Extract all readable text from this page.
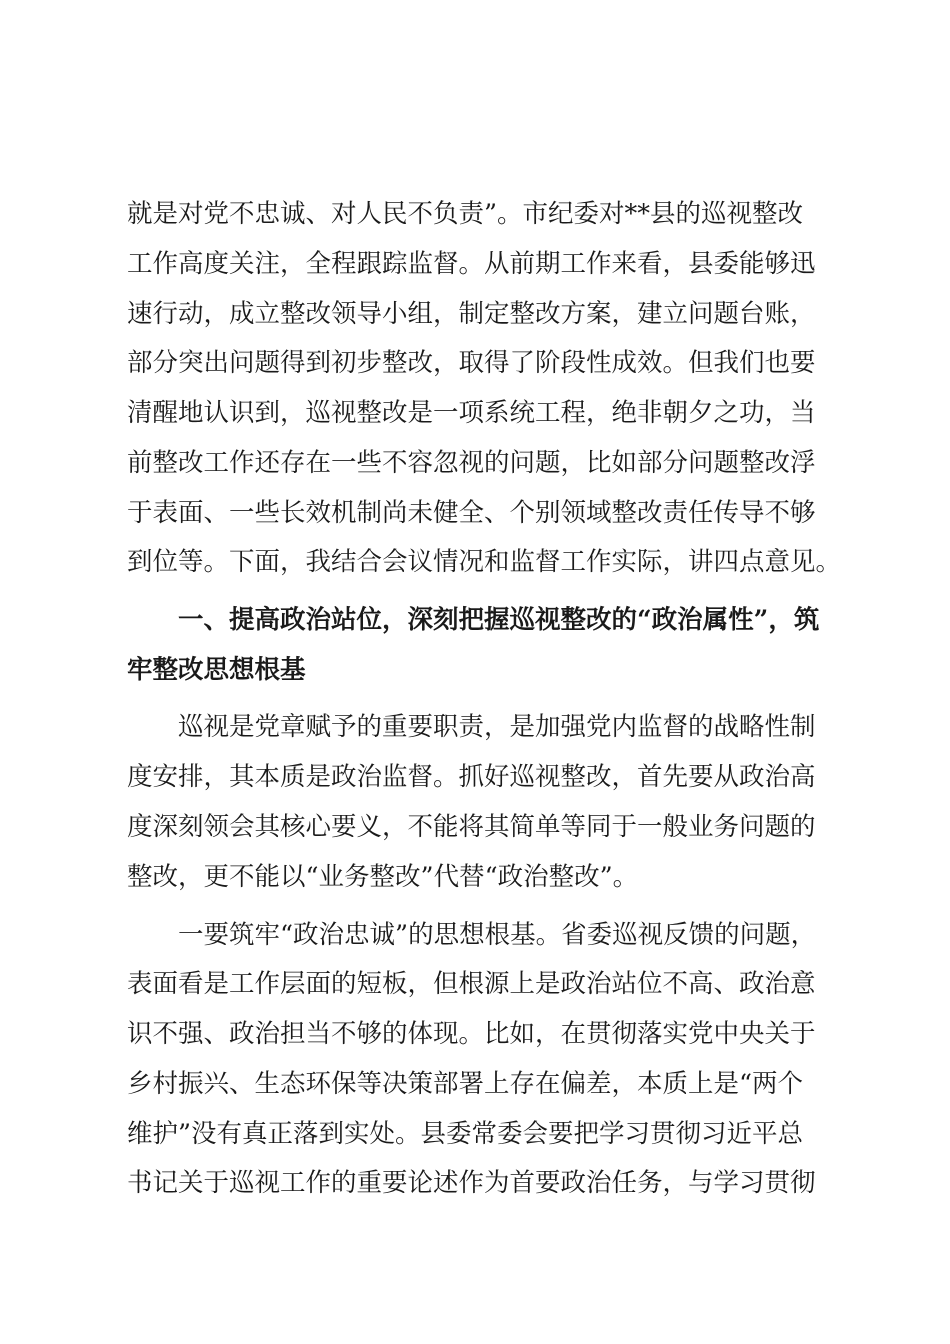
就是对党不忠诚、对人民不负责”。市纪委对**县的巡视整改

工作高度关注，全程跟踪监督。从前期工作来看，县委能够迅

速行动，成立整改领导小组，制定整改方案，建立问题台账，

部分突出问题得到初步整改，取得了阶段性成效。但我们也要

清醒地认识到，巡视整改是一项系统工程，绝非朝夕之功，当

前整改工作还存在一些不容忽视的问题，比如部分问题整改浮

于表面、一些长效机制尚未健全、个别领域整改责任传导不够

到位等。下面，我结合会议情况和监督工作实际，讲四点意见。

一、提高政治站位，深刻把握巡视整改的“政治属性”，筑

牢整改思想根基

巡视是党章赋予的重要职责，是加强党内监督的战略性制

度安排，其本质是政治监督。抓好巡视整改，首先要从政治高

度深刻领会其核心要义，不能将其简单等同于一般业务问题的

整改，更不能以“业务整改”代替“政治整改”。

一要筑牢“政治忠诚”的思想根基。省委巡视反馈的问题，

表面看是工作层面的短板，但根源上是政治站位不高、政治意

识不强、政治担当不够的体现。比如，在贯彻落实党中央关于

乡村振兴、生态环保等决策部署上存在偏差，本质上是“两个

维护”没有真正落到实处。县委常委会要把学习贯彻习近平总

书记关于巡视工作的重要论述作为首要政治任务，与学习贯彻
